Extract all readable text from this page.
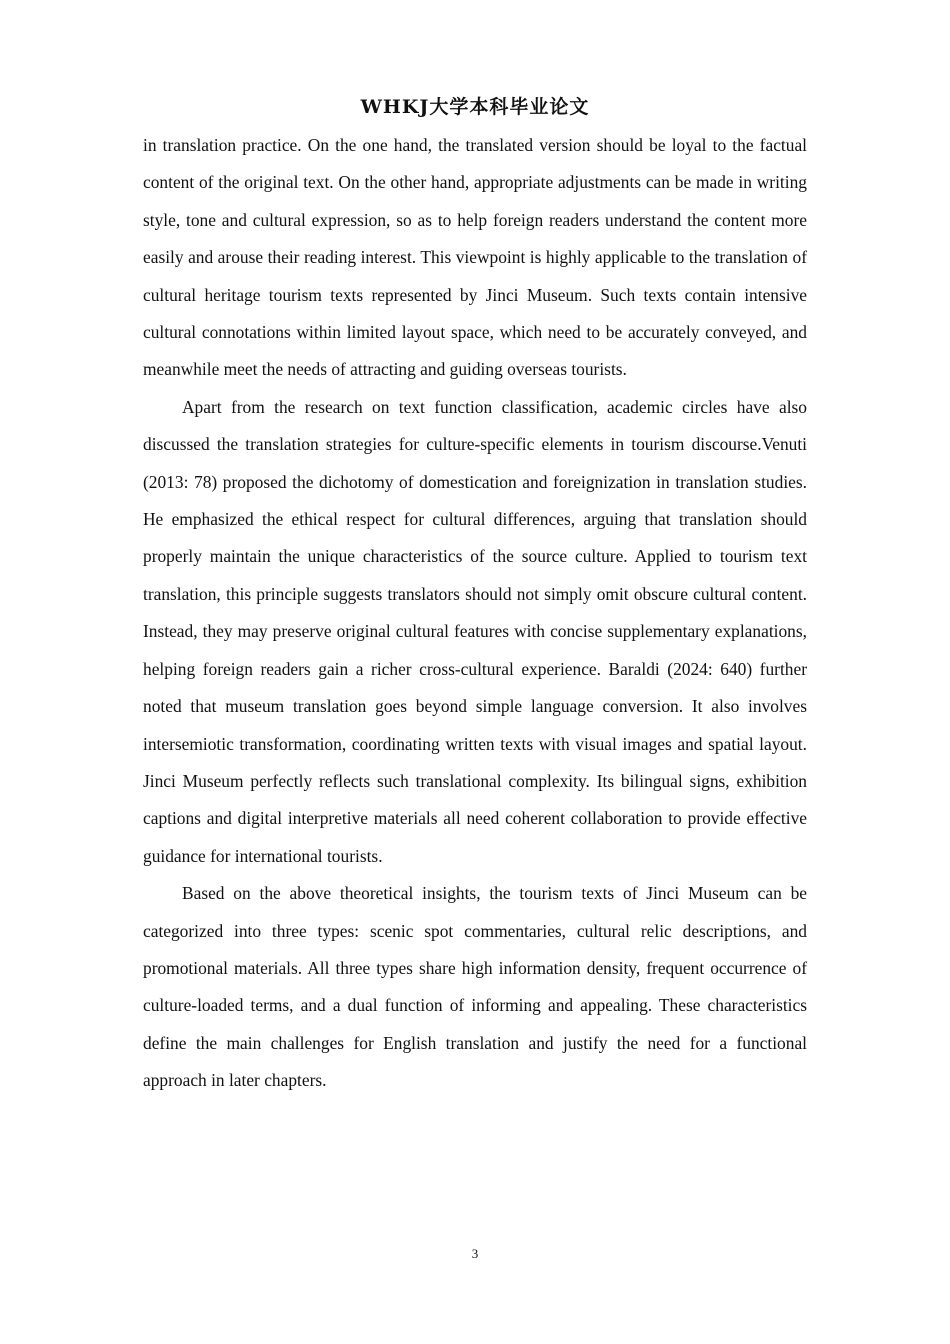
WHKJ大学本科毕业论文

in translation practice. On the one hand, the translated version should be loyal to the factual content of the original text. On the other hand, appropriate adjustments can be made in writing style, tone and cultural expression, so as to help foreign readers understand the content more easily and arouse their reading interest. This viewpoint is highly applicable to the translation of cultural heritage tourism texts represented by Jinci Museum. Such texts contain intensive cultural connotations within limited layout space, which need to be accurately conveyed, and meanwhile meet the needs of attracting and guiding overseas tourists.

Apart from the research on text function classification, academic circles have also discussed the translation strategies for culture-specific elements in tourism discourse.Venuti (2013: 78) proposed the dichotomy of domestication and foreignization in translation studies. He emphasized the ethical respect for cultural differences, arguing that translation should properly maintain the unique characteristics of the source culture. Applied to tourism text translation, this principle suggests translators should not simply omit obscure cultural content. Instead, they may preserve original cultural features with concise supplementary explanations, helping foreign readers gain a richer cross-cultural experience. Baraldi (2024: 640) further noted that museum translation goes beyond simple language conversion. It also involves intersemiotic transformation, coordinating written texts with visual images and spatial layout. Jinci Museum perfectly reflects such translational complexity. Its bilingual signs, exhibition captions and digital interpretive materials all need coherent collaboration to provide effective guidance for international tourists.

Based on the above theoretical insights, the tourism texts of Jinci Museum can be categorized into three types: scenic spot commentaries, cultural relic descriptions, and promotional materials. All three types share high information density, frequent occurrence of culture-loaded terms, and a dual function of informing and appealing. These characteristics define the main challenges for English translation and justify the need for a functional approach in later chapters.

3
